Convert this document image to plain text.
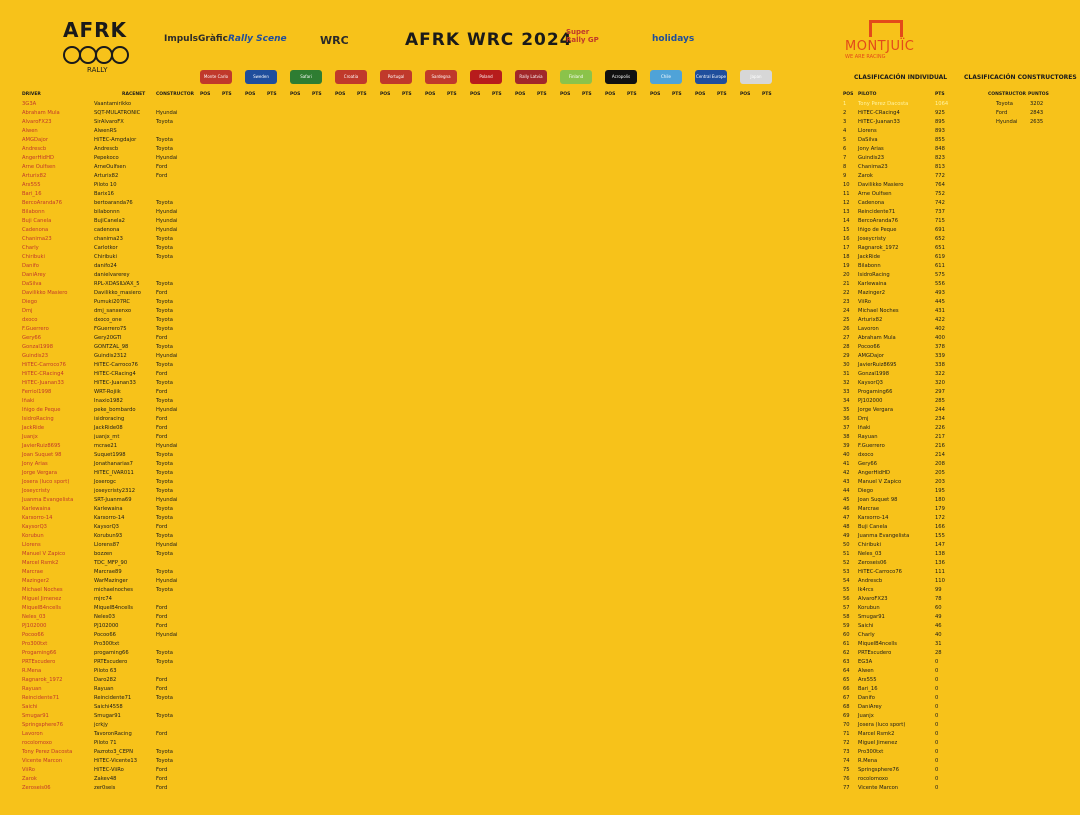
AFRK
RALLY
ImpulsGràfic Rally Scene	WRC	AFRK WRC 2024
Super Rally GP	holidays	MONTJUÏC
WE ARE RACING
Monte Carlo	Sweden	Safari	Croatia	Portugal	Sardegna	Poland	Rally Latvia	Finland	Acropolis	Chile	Central Europe	Japan	CLASIFICACIÓN INDIVIDUAL	CLASIFICACIÓN CONSTRUCTORES
DRIVER	RACENET CONSTRUCTOR POS	PTS	POS	PTS	POS	PTS	POS	PTS	POS	PTS	POS	PTS	POS	PTS	POS	PTS	POS	PTS	POS	PTS	POS	PTS	POS	PTS	POS	PTS	POS PILOTO	PTS	CONSTRUCTOR PUNTOS
3G3A	Vaantamirikko
Abraham Mula	SQT-MULATRONIC	Hyundai
AlvaroFX23	SirAlvaroFX	Toyota
Alwen	AlwenRS
AMGDajor	HiTEC-Amgdajor	Toyota
Andrescb	Andrescb	Toyota
AngerHidHD	Pepekoco	Hyundai
Arne Oulfsen	ArneOulfsen	Ford
Arturix82	Arturix82	Ford
Arx555	Piloto 10
Bari_16	Barix16
BercoAranda76	bertoaranda76	Toyota
Bilabonn	bilabonnn	Hyundai
Buji Canela	BujiCanela2	Hyundai
Cadenona	cadenona	Hyundai
Chanima23	chanima23	Toyota
Charly	Carlotkor	Toyota
Chiribuki	Chiribuki	Toyota
Danifo	danifo24
DaniArey	danielvarerey
DaSilva	RPL-XDASILVAX_5	Toyota
Davilikko Masiero	Davilikko_masiero	Ford
Diego	Pumuki207RC	Toyota
Dmj	dmj_sanxenxo	Toyota
dxoco	dxoco_one	Toyota
F.Guerrero	FGuerrero75	Toyota
Gery66	Gery20GTI	Ford
Gonzal1998	GONTZAL_98	Toyota
Guindis23	Guindis2312	Hyundai
HiTEC-Carroco76	HiTEC-Carroco76	Toyota
HiTEC-CRacing4	HiTEC-CRacing4	Ford
HiTEC-Juanan33	HiTEC-Juanan33	Toyota
Ferriol1998	WRT-Rojiik	Ford
Iñaki	Inaxio1982	Toyota
Iñigo de Peque	peke_bombardo	Hyundai
IsidroRacing	isidroracing	Ford
JackRide	JackRide08	Ford
Juanjx	juanjx_mt	Ford
JavierRuiz8695	mcrae21	Hyundai
Joan Suquet 98	Suquet1998	Toyota
Jony Arias	Jonathanarias7	Toyota
Jorge Vergara	HiTEC_IVAR011	Toyota
Josera (luco sport)	Joserogc	Toyota
Joseycristy	joseycristy2312	Toyota
Juanma Evangelista	SRT-Juanma69	Hyundai
Karlewaina	Karlewaina	Toyota
Karxorro-14	Karxorro-14	Toyota
KaysorQ3	KaysorQ3	Ford
Korubun	Korubun93	Toyota
Llorens	Llorens87	Hyundai
Manuel V Zapico	bozzen	Toyota
Marcel Rsmk2	TDC_MFP_90
Marcrae	Marcrae89	Toyota
Mazinger2	WarMazinger	Hyundai
Michael Noches	michaelnoches	Toyota
Miguel Jimenez	mjrc74
MiquelB4ncells	MiquelB4ncells	Ford
Neles_03	Neles03	Ford
PJ102000	PJ102000	Ford
Pocoo66	Pocoo66	Hyundai
Pro300txt	Pro300txt
Progaming66	progaming66	Toyota
PRTEscudero	PRTEscudero	Toyota
R.Mena	Piloto 63
Ragnarok_1972	Daro282	Ford
Rayuan	Rayuan	Ford
Reincidente71	Reincidente71	Toyota
Saichi	Saichi4558
Smugar91	Smugar91	Toyota
Springsphere76	jcrkjy
Lavoron	TavoronRacing	Ford
rocolomoxo	Piloto 71
Tony Perez Dacosta	Pazroto3_CEPN	Toyota
Vicente Marcon	HiTEC-Vicente13	Toyota
ViiRo	HiTEC-ViiRo	Ford
Zarok	Zakev48	Ford
Zeroseis06	zer0seis	Ford
1 Tony Perez Dacosta	1064
2 HiTEC-CRacing4	925
3 HiTEC-Juanan33	895
4 Llorens	893
5 DaSilva	855
6 Jony Arias	848
7 Guindis23	823
8 Chanima23	813
9 Zarok	772
10 Davilikko Masiero	764
11 Arne Oulfsen	752
12 Cadenona	742
13 Reincidente71	737
14 BercoAranda76	715
15 Iñigo de Peque	691
16 Joseycristy	652
17 Ragnarok_1972	651
18 JackRide	619
19 Bilabonn	611
20 IsidroRacing	575
21 Karlewaina	556
22 Mazinger2	493
23 ViiRo	445
24 Michael Noches	431
25 Arturix82	422
26 Lavoron	402
27 Abraham Mula	400
28 Pocoo66	378
29 AMGDajor	339
30 JavierRuiz8695	338
31 Gonzal1998	322
32 KaysorQ3	320
33 Progaming66	297
34 PJ102000	285
35 Jorge Vergara	244
36 Dmj	234
37 Iñaki	226
38 Rayuan	217
39 F.Guerrero	216
40 dxoco	214
41 Gery66	208
42 AngerHidHD	205
43 Manuel V Zapico	203
44 Diego	195
45 Joan Suquet 98	180
46 Marcrae	179
47 Karxorro-14	172
48 Buji Canela	166
49 Juanma Evangelista	155
50 Chiribuki	147
51 Neles_03	138
52 Zeroseis06	136
53 HiTEC-Carroco76	111
54 Andrescb	110
55 Ik4rcs	99
56 AlvaroFX23	78
57 Korubun	60
58 Smugar91	49
59 Saichi	46
60 Charly	40
61 MiquelB4ncells	31
62 PRTEscudero	28
63 EG3A	0
64 Alwen	0
65 Arx555	0
66 Bari_16	0
67 Danifo	0
68 DaniArey	0
69 Juanjx	0
70 Josera (luco sport)	0
71 Marcel Rsmk2	0
72 Miguel Jimenez	0
73 Pro300txt	0
74 R.Mena	0
75 Springsphere76	0
76 rocolomoxo	0
77 Vicente Marcon	0
Toyota	3202
Ford	2843
Hyundai 2635
